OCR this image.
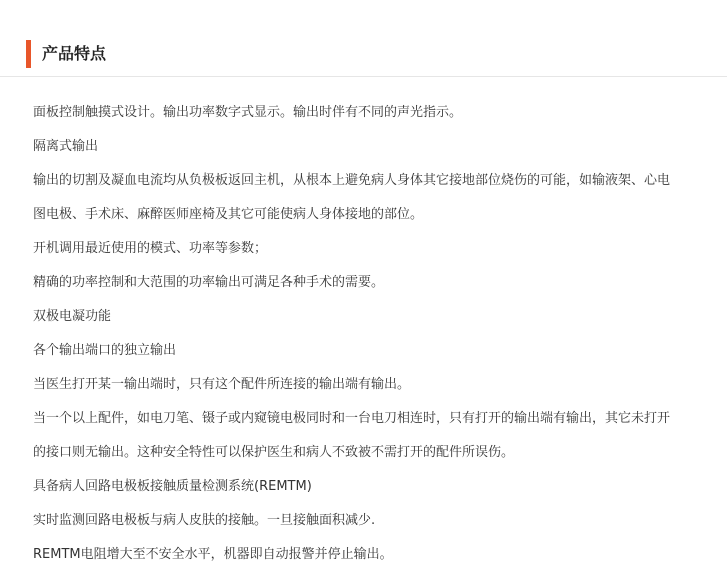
产品特点

面板控制触摸式设计。输出功率数字式显示。输出时伴有不同的声光指示。

隔离式输出

输出的切割及凝血电流均从负极板返回主机，从根本上避免病人身体其它接地部位烧伤的可能，如输液架、心电

图电极、手术床、麻醉医师座椅及其它可能使病人身体接地的部位。

开机调用最近使用的模式、功率等参数；

精确的功率控制和大范围的功率输出可满足各种手术的需要。

双极电凝功能

各个输出端口的独立输出

当医生打开某一输出端时，只有这个配件所连接的输出端有输出。

当一个以上配件，如电刀笔、镊子或内窥镜电极同时和一台电刀相连时，只有打开的输出端有输出，其它未打开

的接口则无输出。这种安全特性可以保护医生和病人不致被不需打开的配件所误伤。

具备病人回路电极板接触质量检测系统(REMTM)

实时监测回路电极板与病人皮肤的接触。一旦接触面积减少.

REMTM电阻增大至不安全水平，机器即自动报警并停止输出。
